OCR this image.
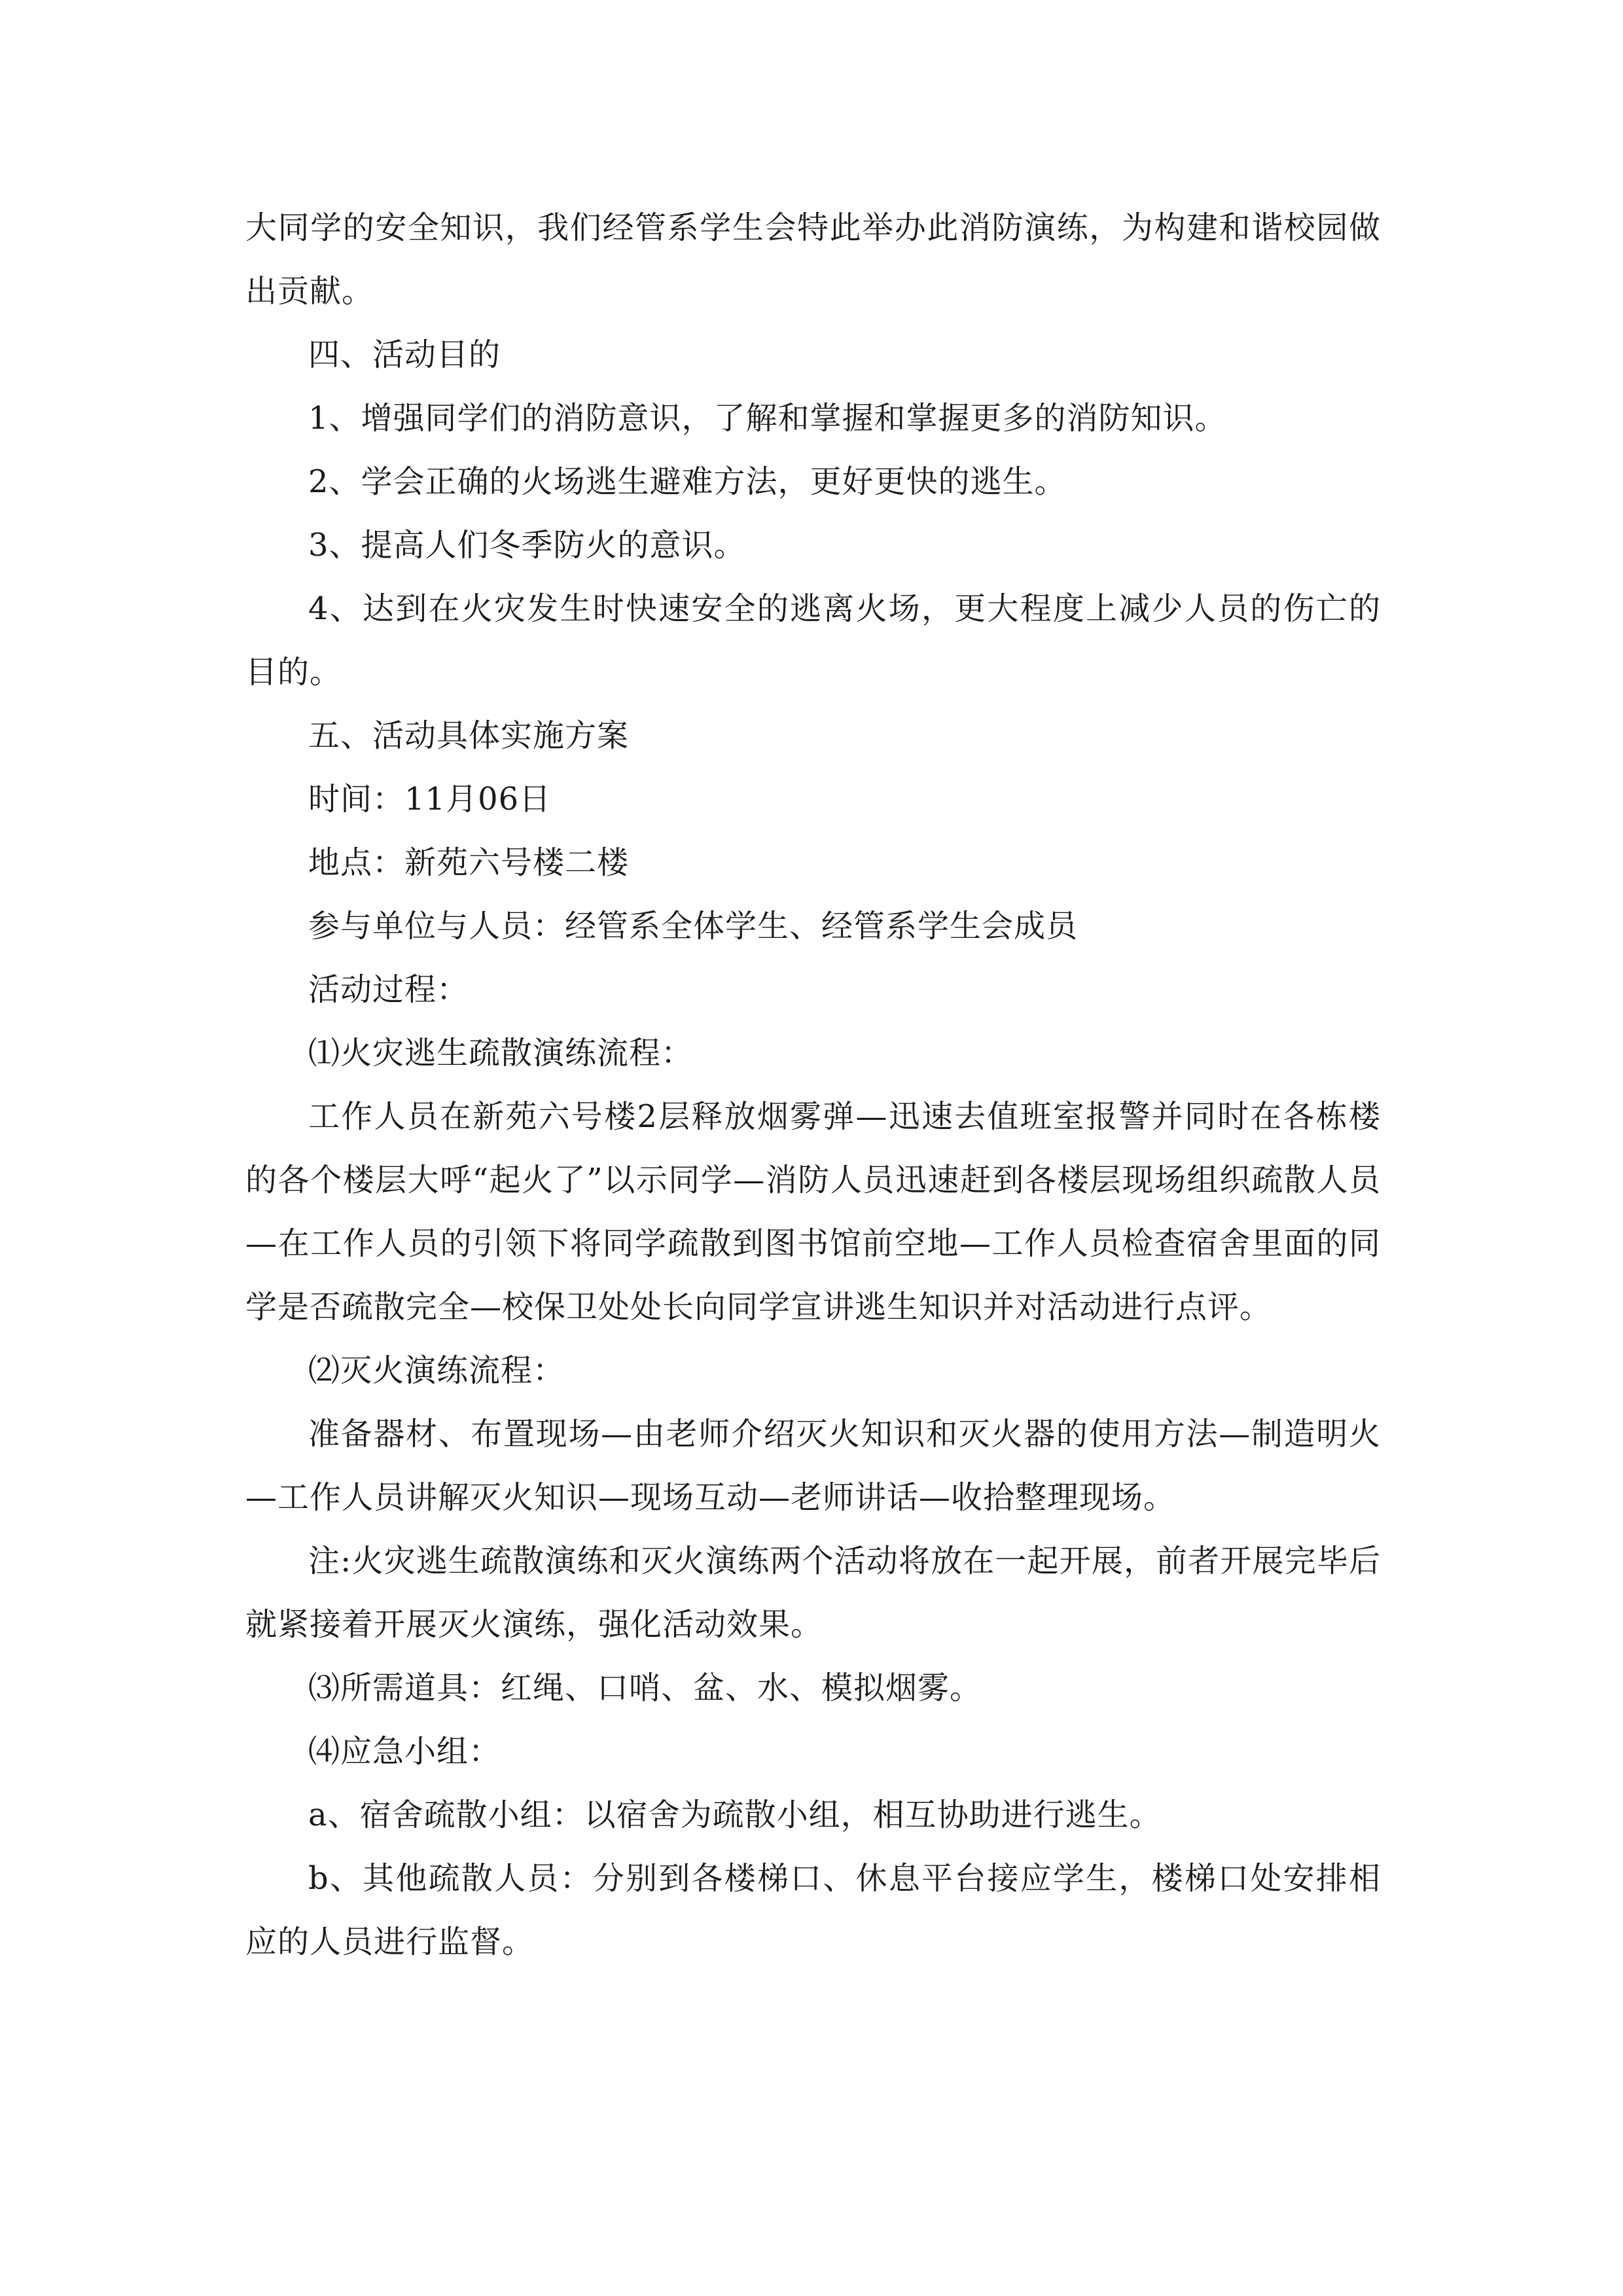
大同学的安全知识，我们经管系学生会特此举办此消防演练，为构建和谐校园做出贡献。

四、活动目的

1、增强同学们的消防意识，了解和掌握和掌握更多的消防知识。

2、学会正确的火场逃生避难方法，更好更快的逃生。

3、提高人们冬季防火的意识。

4、达到在火灾发生时快速安全的逃离火场，更大程度上减少人员的伤亡的目的。

五、活动具体实施方案

时间：11月06日

地点：新苑六号楼二楼

参与单位与人员：经管系全体学生、经管系学生会成员

活动过程：

⑴火灾逃生疏散演练流程：

工作人员在新苑六号楼2层释放烟雾弹—迅速去值班室报警并同时在各栋楼的各个楼层大呼“起火了”以示同学—消防人员迅速赶到各楼层现场组织疏散人员—在工作人员的引领下将同学疏散到图书馆前空地—工作人员检查宿舍里面的同学是否疏散完全—校保卫处处长向同学宣讲逃生知识并对活动进行点评。

⑵灭火演练流程：

准备器材、布置现场—由老师介绍灭火知识和灭火器的使用方法—制造明火—工作人员讲解灭火知识—现场互动—老师讲话—收拾整理现场。

注:火灾逃生疏散演练和灭火演练两个活动将放在一起开展，前者开展完毕后就紧接着开展灭火演练，强化活动效果。

⑶所需道具：红绳、口哨、盆、水、模拟烟雾。

⑷应急小组：

a、宿舍疏散小组：以宿舍为疏散小组，相互协助进行逃生。

b、其他疏散人员：分别到各楼梯口、休息平台接应学生，楼梯口处安排相应的人员进行监督。
